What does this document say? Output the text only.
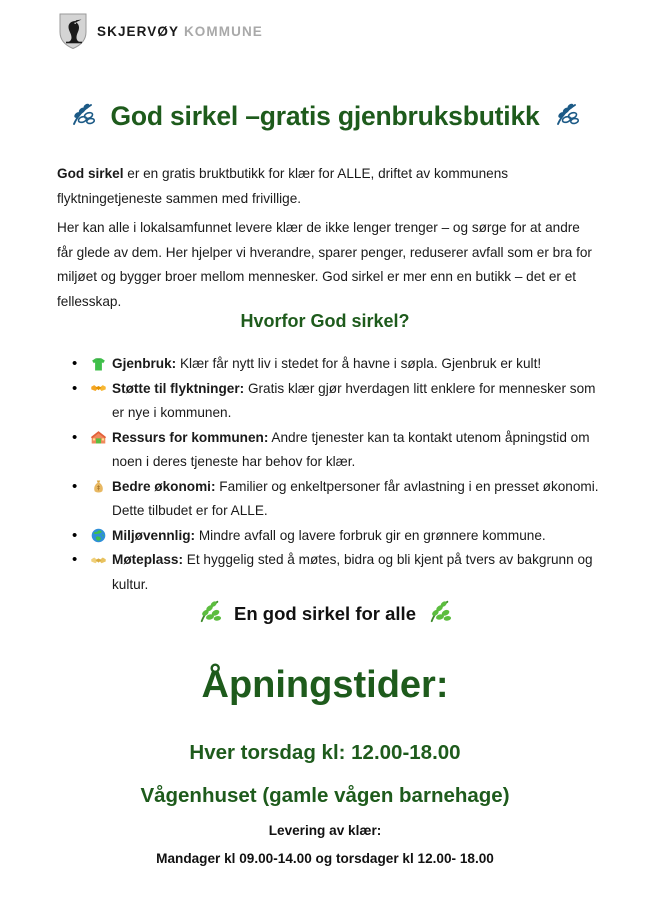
SKJERVØY KOMMUNE
God sirkel –gratis gjenbruksbutikk
God sirkel er en gratis bruktbutikk for klær for ALLE, driftet av kommunens flyktningetjeneste sammen med frivillige.
Her kan alle i lokalsamfunnet levere klær de ikke lenger trenger – og sørge for at andre får glede av dem. Her hjelper vi hverandre, sparer penger, reduserer avfall som er bra for miljøet og bygger broer mellom mennesker. God sirkel er mer enn en butikk – det er et fellesskap.
Hvorfor God sirkel?
•	Gjenbruk: Klær får nytt liv i stedet for å havne i søpla. Gjenbruk er kult!
•	Støtte til flyktninger: Gratis klær gjør hverdagen litt enklere for mennesker som er nye i kommunen.
•	Ressurs for kommunen: Andre tjenester kan ta kontakt utenom åpningstid om noen i deres tjeneste har behov for klær.
•	Bedre økonomi: Familier og enkeltpersoner får avlastning i en presset økonomi. Dette tilbudet er for ALLE.
•	Miljøvennlig: Mindre avfall og lavere forbruk gir en grønnere kommune.
•	Møteplass: Et hyggelig sted å møtes, bidra og bli kjent på tvers av bakgrunn og kultur.
En god sirkel for alle
Åpningstider:
Hver torsdag kl: 12.00-18.00
Vågenhuset (gamle vågen barnehage)
Levering av klær:
Mandager kl 09.00-14.00 og torsdager kl 12.00- 18.00
